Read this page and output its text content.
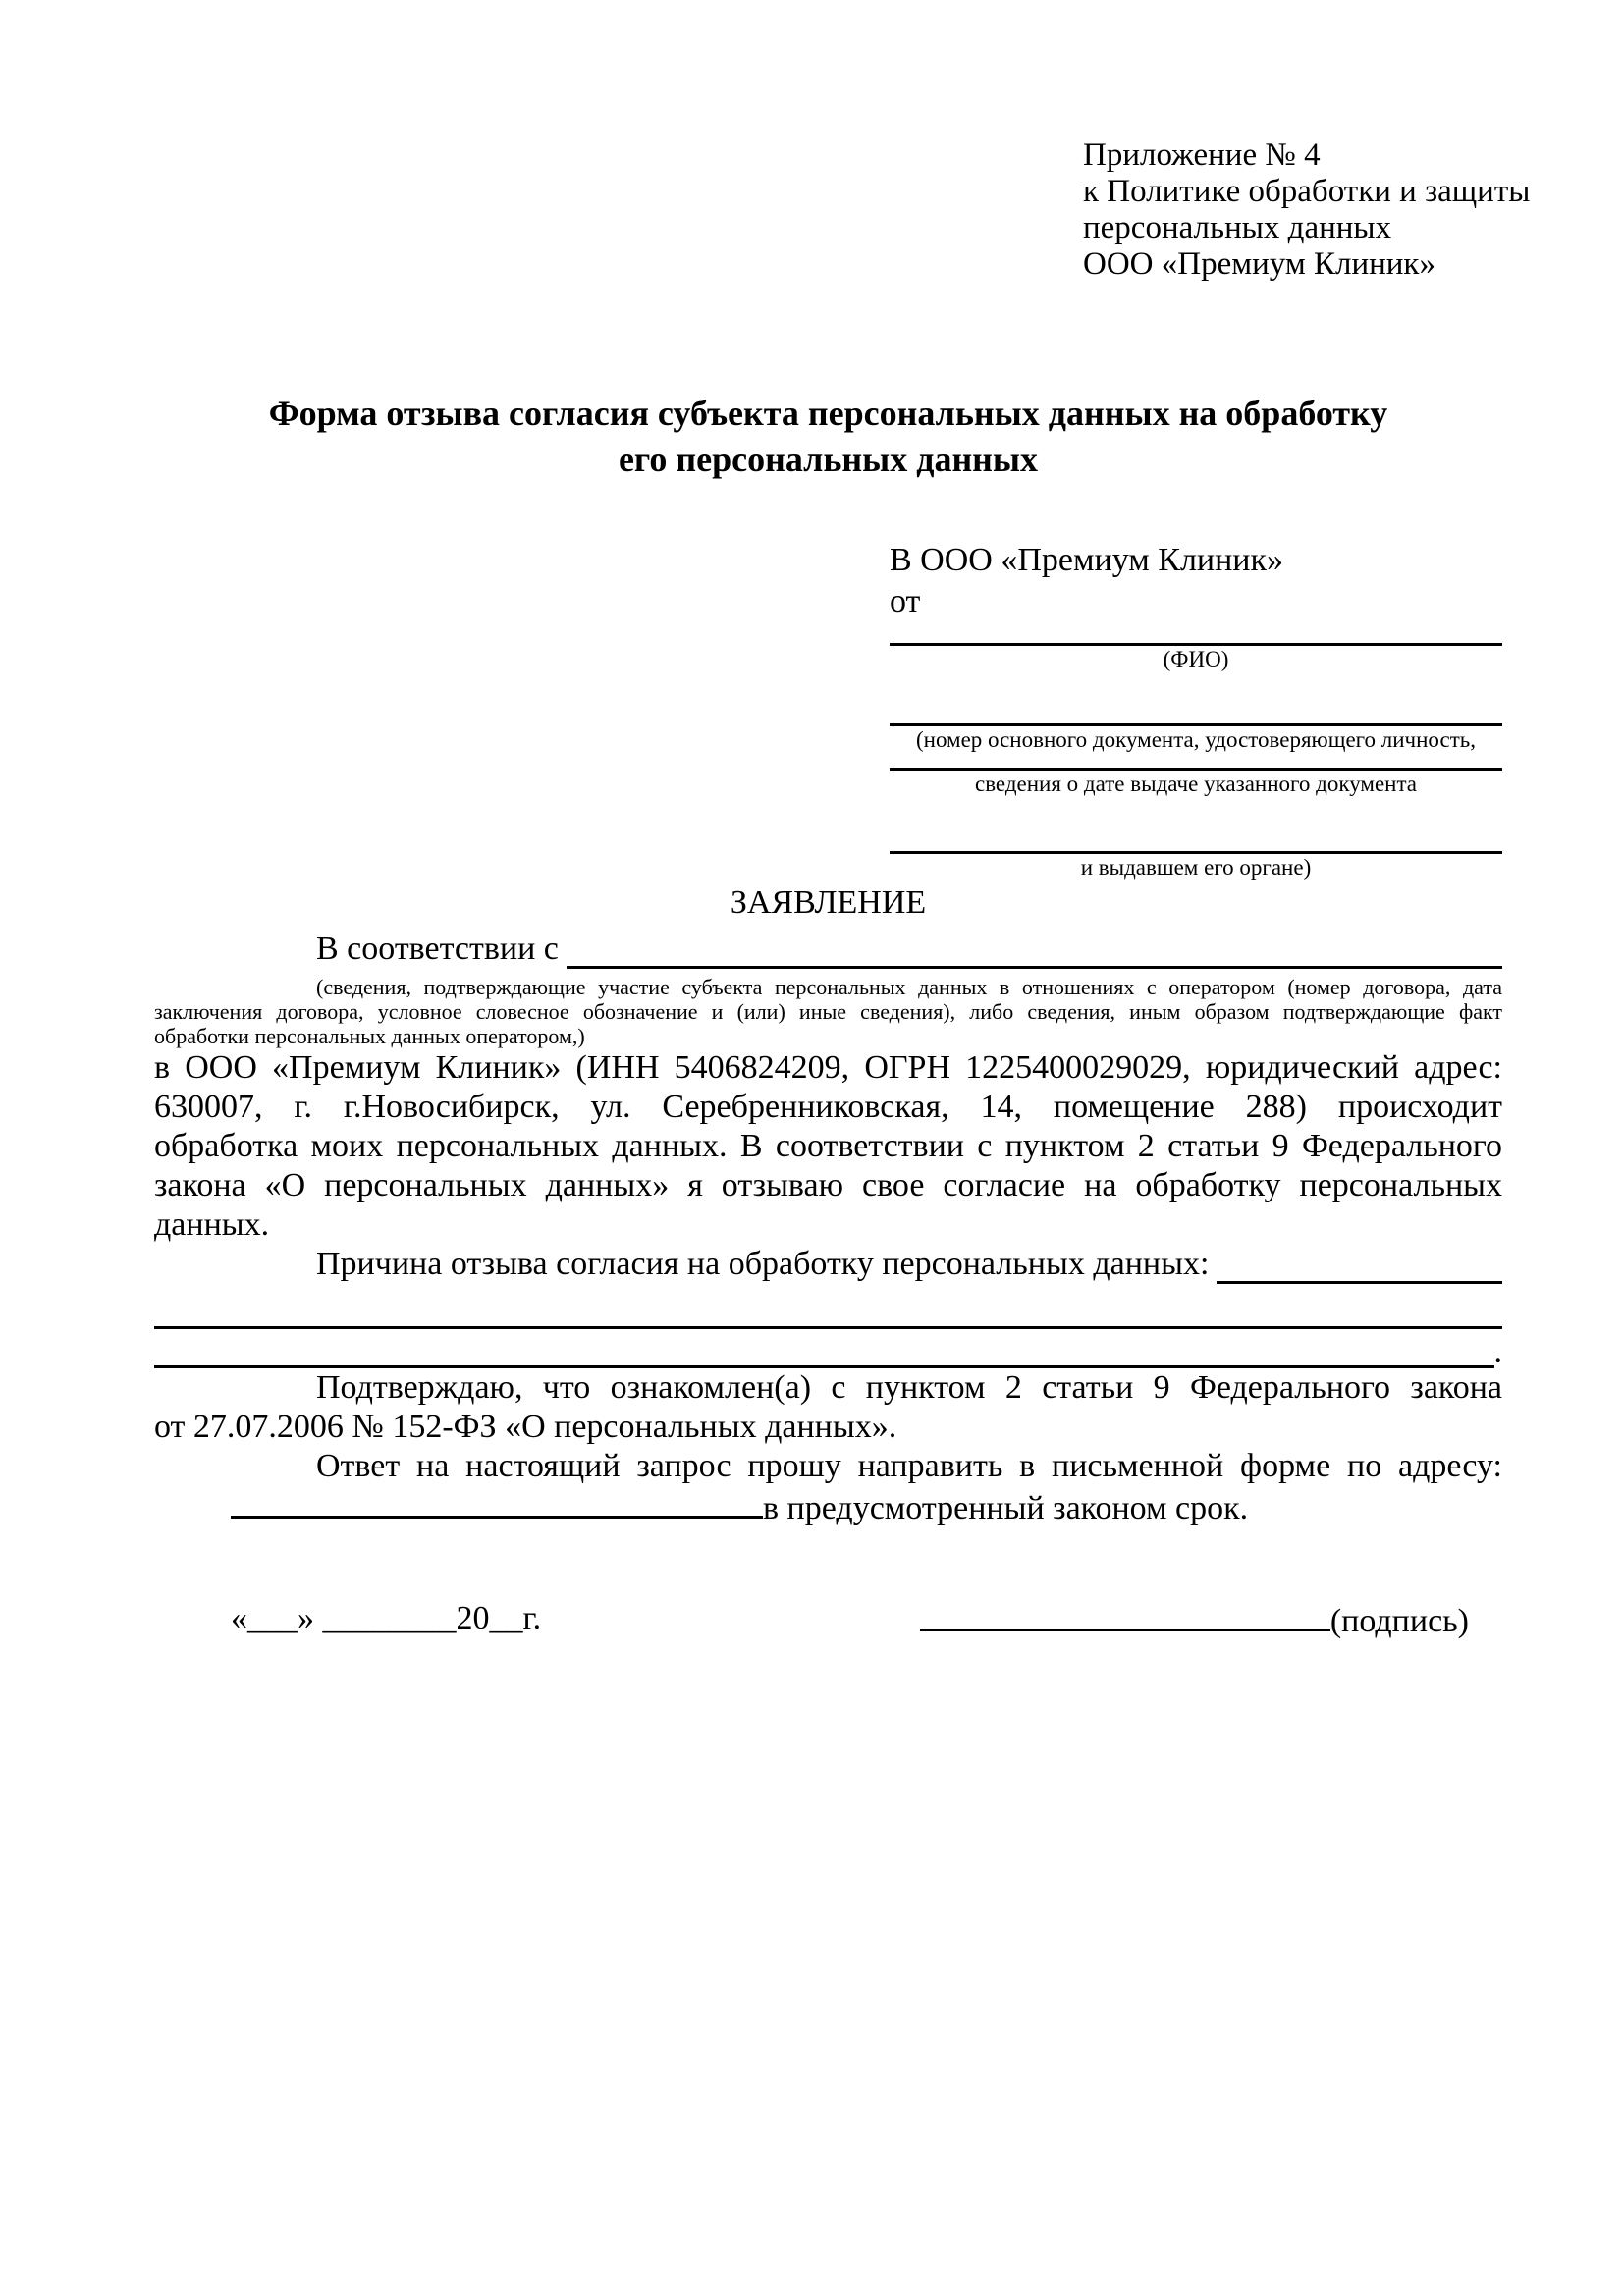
Приложение № 4
к Политике обработки и защиты
персональных данных
ООО «Премиум Клиник»
Форма отзыва согласия субъекта персональных данных на обработку
его персональных данных
В ООО «Премиум Клиник»
от
(ФИО)
(номер основного документа, удостоверяющего личность,
сведения о дате выдаче указанного документа
и выдавшем его органе)
ЗАЯВЛЕНИЕ
В соответствии с
(сведения, подтверждающие участие субъекта персональных данных в отношениях с оператором (номер договора, дата
заключения договора, условное словесное обозначение и (или) иные сведения), либо сведения, иным образом подтверждающие факт
обработки персональных данных оператором,)
в ООО «Премиум Клиник» (ИНН 5406824209, ОГРН 1225400029029, юридический адрес:
630007, г. г.Новосибирск, ул. Серебренниковская, 14, помещение 288) происходит
обработка моих персональных данных. В соответствии с пунктом 2 статьи 9 Федерального
закона «О персональных данных» я отзываю свое согласие на обработку персональных
данных.
Причина отзыва согласия на обработку персональных данных:
.
Подтверждаю, что ознакомлен(а) с пунктом 2 статьи 9 Федерального закона
от 27.07.2006 № 152-ФЗ «О персональных данных».
Ответ на настоящий запрос прошу направить в письменной форме по адресу:
в предусмотренный законом срок.
«___» ________20__г.	(подпись)
